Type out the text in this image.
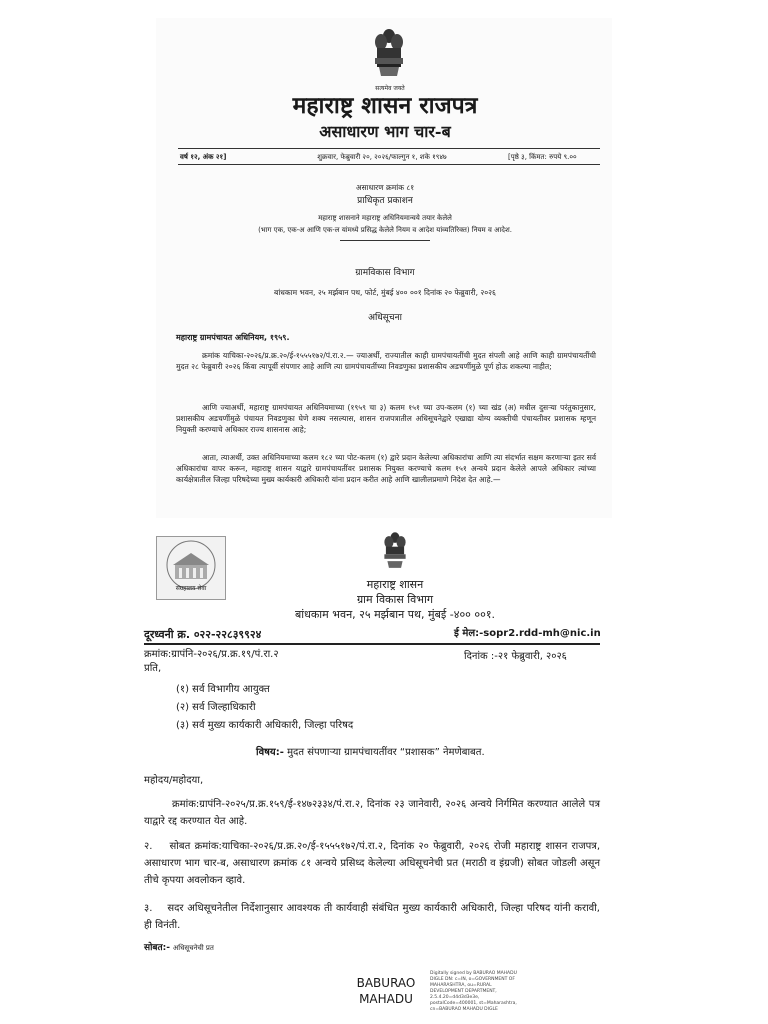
सत्यमेव जयते
महाराष्ट्र शासन राजपत्र
असाधारण भाग चार-ब
वर्ष १२, अंक २१]	शुक्रवार, फेब्रुवारी २०, २०२६/फाल्गुन १, शके १९४७	[पृष्ठे ३, किंमत: रुपये ९.००
असाधारण क्रमांक ८१
प्राधिकृत प्रकाशन
महाराष्ट्र शासनाने महाराष्ट्र अधिनियमान्वये तयार केलेले
(भाग एक, एक-अ आणि एक-ल यांमध्ये प्रसिद्ध केलेले नियम व आदेश यांव्यतिरिक्त) नियम व आदेश.
ग्रामविकास विभाग
बांधकाम भवन, २५ मर्झबान पथ, फोर्ट, मुंबई ४०० ००१ दिनांक २० फेब्रुवारी, २०२६
अधिसूचना
महाराष्ट्र ग्रामपंचायत अधिनियम, १९५९.
क्रमांक याचिका-२०२६/प्र.क्र.२०/ई-१५५५१७२/पं.रा.२.— ज्याअर्थी, राज्यातील काही ग्रामपंचायतींची मुदत संपली आहे आणि काही ग्रामपंचायतींची मुदत २८ फेब्रुवारी २०२६ किंवा त्यापूर्वी संपणार आहे आणि त्या ग्रामपंचायतींच्या निवडणुका प्रशासकीय अडचणींमुळे पूर्ण होऊ शकल्या नाहीत;
आणि ज्याअर्थी, महाराष्ट्र ग्रामपंचायत अधिनियमाच्या (१९५९ चा ३) कलम १५१ च्या उप-कलम (१) च्या खंड (अ) मधील दुसऱ्या परंतुकानुसार, प्रशासकीय अडचणींमुळे पंचायत निवडणुका घेणे शक्य नसल्यास, शासन राजपत्रातील अधिसूचनेद्वारे एखाद्या योग्य व्यक्तीची पंचायतीवर प्रशासक म्हणून नियुक्ती करण्याचे अधिकार राज्य शासनास आहे;
आता, त्याअर्थी, उक्त अधिनियमाच्या कलम १८२ च्या पोट-कलम (१) द्वारे प्रदान केलेल्या अधिकारांचा आणि त्या संदर्भात सक्षम करणाऱ्या इतर सर्व अधिकारांचा वापर करून, महाराष्ट्र शासन याद्वारे ग्रामपंचायतींवर प्रशासक नियुक्त करण्याचे कलम १५१ अन्वये प्रदान केलेले आपले अधिकार त्यांच्या कार्यक्षेत्रातील जिल्हा परिषदेच्या मुख्य कार्यकारी अधिकारी यांना प्रदान करीत आहे आणि खालीलप्रमाणे निदेश देत आहे.—
संग्रहालय सेवा	महाराष्ट्र शासन
ग्राम विकास विभाग
बांधकाम भवन, २५ मर्झबान पथ, मुंबई -४०० ००१.
दूरध्वनी क्र. ०२२-२२८३९९२४	ई मेल:-sopr2.rdd-mh@nic.in
क्रमांक:ग्रापंनि-२०२६/प्र.क्र.१९/पं.रा.२	दिनांक :-२१ फेब्रुवारी, २०२६
प्रति,
(१) सर्व विभागीय आयुक्त
(२) सर्व जिल्हाधिकारी
(३) सर्व मुख्य कार्यकारी अधिकारी, जिल्हा परिषद
विषय:- मुदत संपणाऱ्या ग्रामपंचायतींवर “प्रशासक” नेमणेबाबत.
महोदय/महोदया,
क्रमांक:ग्रापंनि-२०२५/प्र.क्र.१५९/ई-१४७२३३४/पं.रा.२, दिनांक २३ जानेवारी, २०२६ अन्वये निर्गमित करण्यात आलेले पत्र याद्वारे रद्द करण्यात येत आहे.
२. सोबत क्रमांक:याचिका-२०२६/प्र.क्र.२०/ई-१५५५१७२/पं.रा.२, दिनांक २० फेब्रुवारी, २०२६ रोजी महाराष्ट्र शासन राजपत्र, असाधारण भाग चार-ब, असाधारण क्रमांक ८१ अन्वये प्रसिध्द केलेल्या अधिसूचनेची प्रत (मराठी व इंग्रजी) सोबत जोडली असून तीचे कृपया अवलोकन व्हावे.
३. सदर अधिसूचनेतील निर्देशानुसार आवश्यक ती कार्यवाही संबंधित मुख्य कार्यकारी अधिकारी, जिल्हा परिषद यांनी करावी, ही विनंती.
सोबत:- अधिसूचनेची प्रत
BABURAO
MAHADU
Digitally signed by BABURAO MAHADU DIGLE DN: c=IN, o=GOVERNMENT OF MAHARASHTRA, ou=RURAL DEVELOPMENT DEPARTMENT, 2.5.4.20=d4d3d3e3e, postalCode=400001, st=Maharashtra, cn=BABURAO MAHADU DIGLE
